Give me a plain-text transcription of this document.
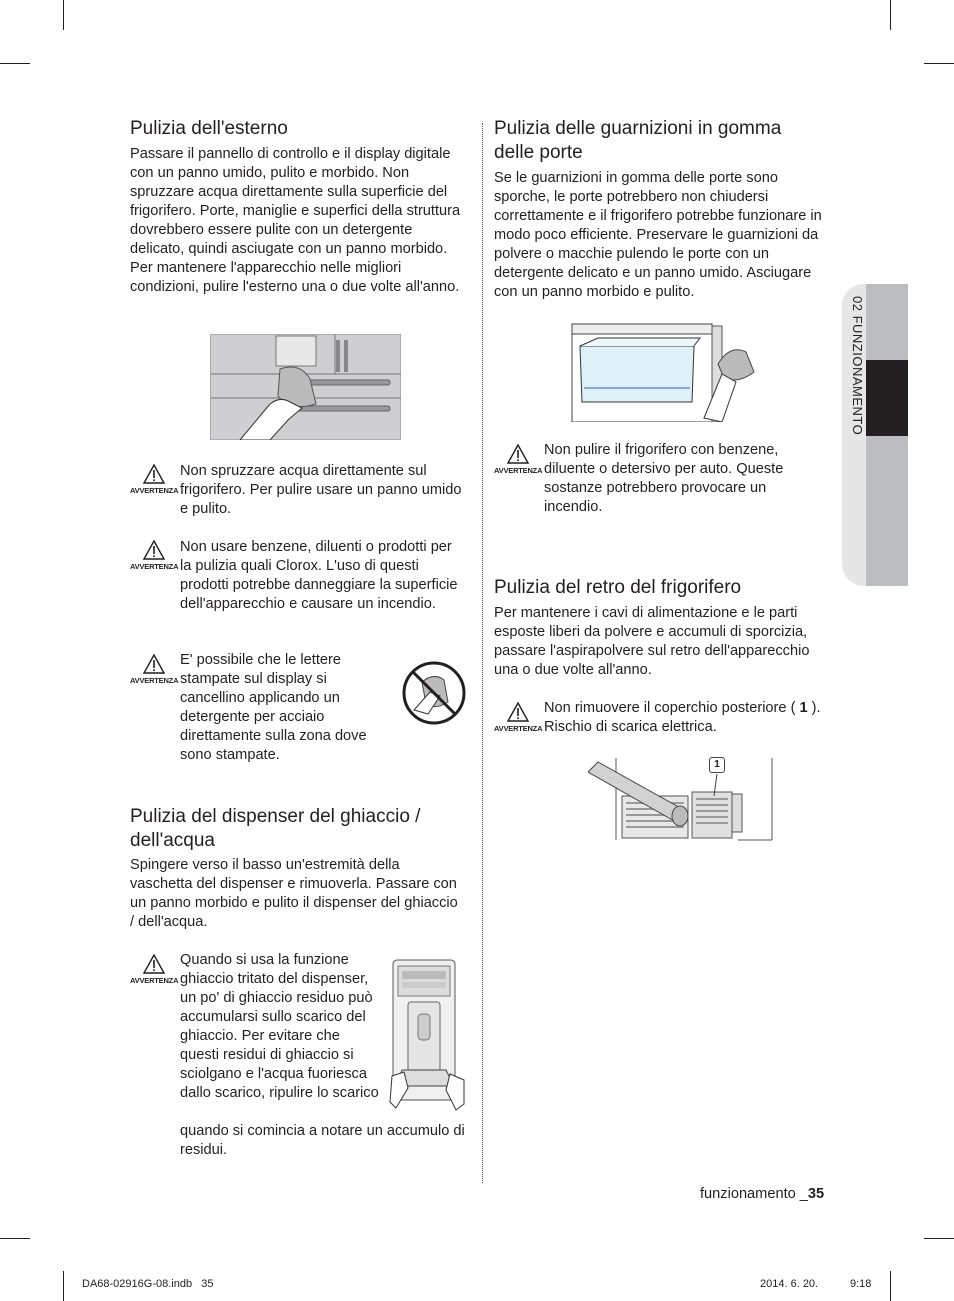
02 FUNZIONAMENTO
Pulizia dell'esterno

Passare il pannello di controllo e il display digitale con un panno umido, pulito e morbido. Non spruzzare acqua direttamente sulla superficie del frigorifero. Porte, maniglie e superfici della struttura dovrebbero essere pulite con un detergente delicato, quindi asciugate con un panno morbido. Per mantenere l'apparecchio nelle migliori condizioni, pulire l'esterno una o due volte all'anno.

AVVERTENZA

Non spruzzare acqua direttamente sul frigorifero. Per pulire usare un panno umido e pulito.

AVVERTENZA

Non usare benzene, diluenti o prodotti per la pulizia quali Clorox. L'uso di questi prodotti potrebbe danneggiare la superficie dell'apparecchio e causare un incendio.

AVVERTENZA

E' possibile che le lettere stampate sul display si cancellino applicando un detergente per acciaio direttamente sulla zona dove sono stampate.

Pulizia del dispenser del ghiaccio / dell'acqua

Spingere verso il basso un'estremità della vaschetta del dispenser e rimuoverla. Passare con un panno morbido e pulito il dispenser del ghiaccio / dell'acqua.

AVVERTENZA

Quando si usa la funzione ghiaccio tritato del dispenser, un po' di ghiaccio residuo può accumularsi sullo scarico del ghiaccio. Per evitare che questi residui di ghiaccio si sciolgano e l'acqua fuoriesca dallo scarico, ripulire lo scarico

quando si comincia a notare un accumulo di residui.

Pulizia delle guarnizioni in gomma delle porte

Se le guarnizioni in gomma delle porte sono sporche, le porte potrebbero non chiudersi correttamente e il frigorifero potrebbe funzionare in modo poco efficiente. Preservare le guarnizioni da polvere o macchie pulendo le porte con un detergente delicato e un panno umido. Asciugare con un panno morbido e pulito.

AVVERTENZA

Non pulire il frigorifero con benzene, diluente o detersivo per auto. Queste sostanze potrebbero provocare un incendio.

Pulizia del retro del frigorifero

Per mantenere i cavi di alimentazione e le parti esposte liberi da polvere e accumuli di sporcizia, passare l'aspirapolvere sul retro dell'apparecchio una o due volte all'anno.

AVVERTENZA

Non rimuovere il coperchio posteriore ( 1 ). Rischio di scarica elettrica.

1
funzionamento _35
DA68-02916G-08.indb   35	2014. 6. 20.	9:18
